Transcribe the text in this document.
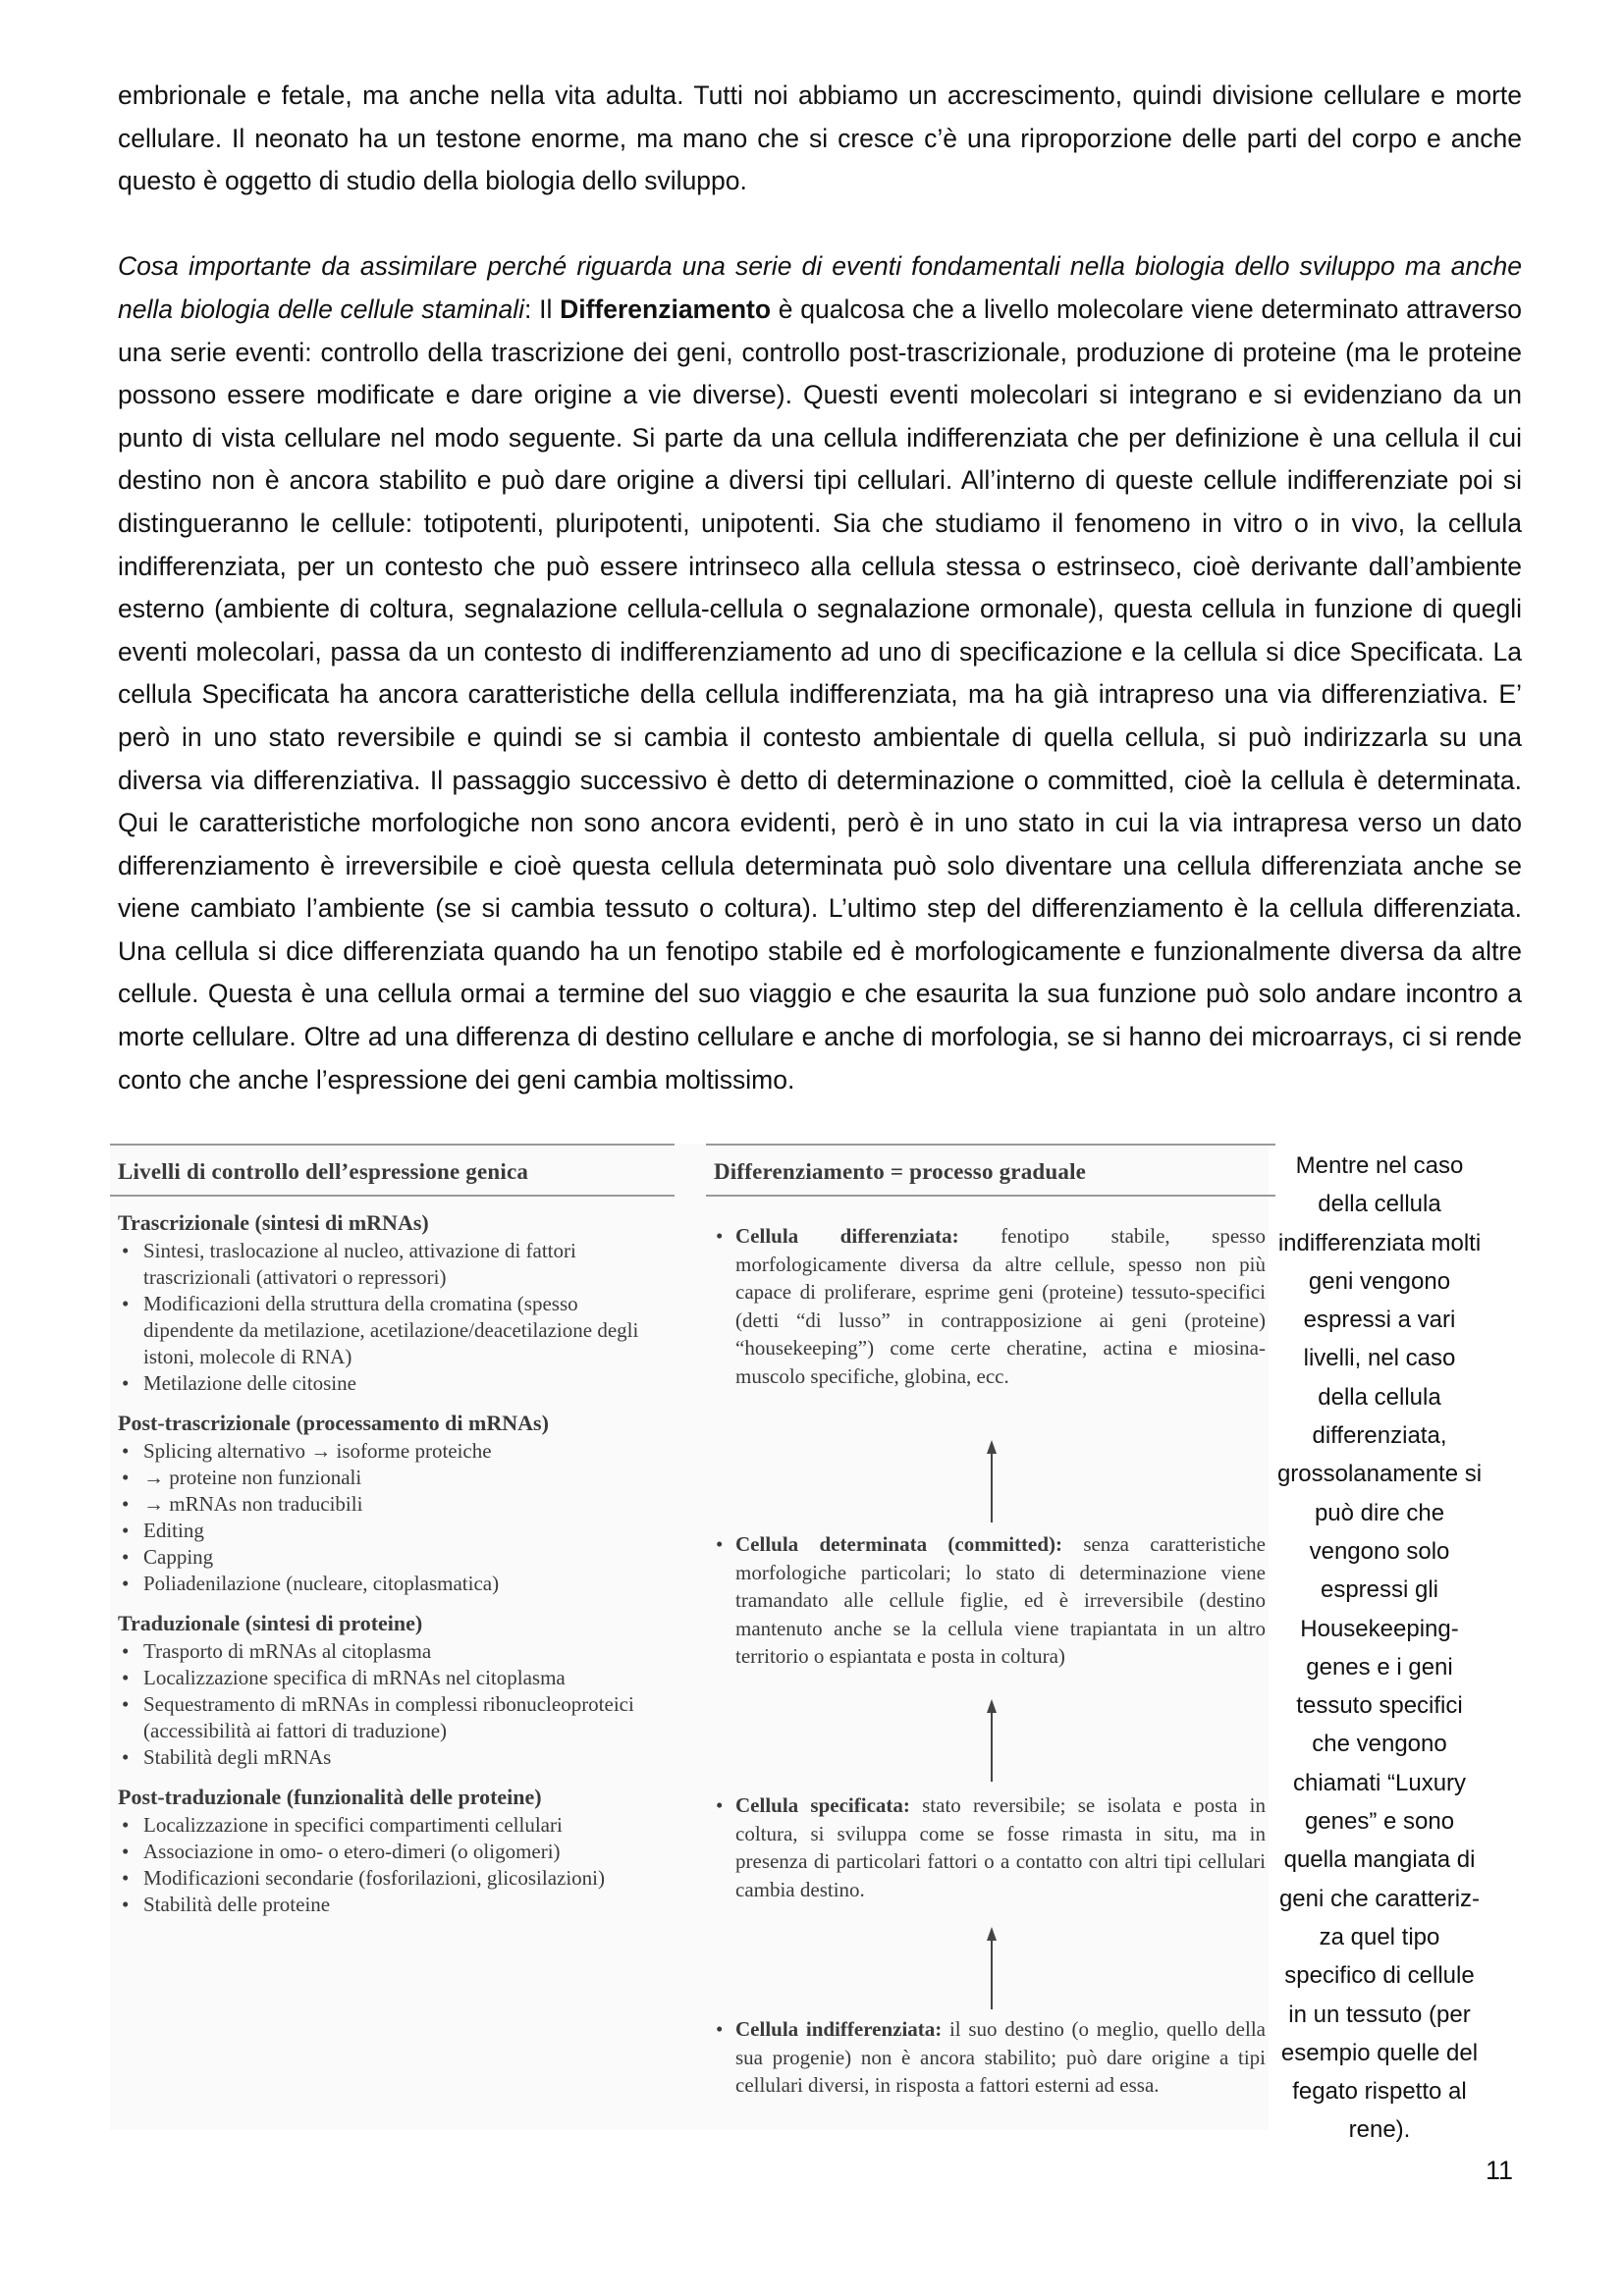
embrionale e fetale, ma anche nella vita adulta. Tutti noi abbiamo un accrescimento, quindi divisione cellulare e morte cellulare. Il neonato ha un testone enorme, ma mano che si cresce c’è una riproporzione delle parti del corpo e anche questo è oggetto di studio della biologia dello sviluppo.

Cosa importante da assimilare perché riguarda una serie di eventi fondamentali nella biologia dello sviluppo ma anche nella biologia delle cellule staminali: Il Differenziamento è qualcosa che a livello molecolare viene determinato attraverso una serie eventi: controllo della trascrizione dei geni, controllo post-trascrizionale, produzione di proteine (ma le proteine possono essere modificate e dare origine a vie diverse). Questi eventi molecolari si integrano e si evidenziano da un punto di vista cellulare nel modo seguente. Si parte da una cellula indifferenziata che per definizione è una cellula il cui destino non è ancora stabilito e può dare origine a diversi tipi cellulari. All’interno di queste cellule indifferenziate poi si distingueranno le cellule: totipotenti, pluripotenti, unipotenti. Sia che studiamo il fenomeno in vitro o in vivo, la cellula indifferenziata, per un contesto che può essere intrinseco alla cellula stessa o estrinseco, cioè derivante dall’ambiente esterno (ambiente di coltura, segnalazione cellula-cellula o segnalazione ormonale), questa cellula in funzione di quegli eventi molecolari, passa da un contesto di indifferenziamento ad uno di specificazione e la cellula si dice Specificata. La cellula Specificata ha ancora caratteristiche della cellula indifferenziata, ma ha già intrapreso una via differenziativa. E’ però in uno stato reversibile e quindi se si cambia il contesto ambientale di quella cellula, si può indirizzarla su una diversa via differenziativa. Il passaggio successivo è detto di determinazione o committed, cioè la cellula è determinata. Qui le caratteristiche morfologiche non sono ancora evidenti, però è in uno stato in cui la via intrapresa verso un dato differenziamento è irreversibile e cioè questa cellula determinata può solo diventare una cellula differenziata anche se viene cambiato l’ambiente (se si cambia tessuto o coltura). L’ultimo step del differenziamento è la cellula differenziata. Una cellula si dice differenziata quando ha un fenotipo stabile ed è morfologicamente e funzionalmente diversa da altre cellule. Questa è una cellula ormai a termine del suo viaggio e che esaurita la sua funzione può solo andare incontro a morte cellulare. Oltre ad una differenza di destino cellulare e anche di morfologia, se si hanno dei microarrays, ci si rende conto che anche l’espressione dei geni cambia moltissimo.

Livelli di controllo dell’espressione genica
Trascrizionale (sintesi di mRNAs)
• Sintesi, traslocazione al nucleo, attivazione di fattori trascrizionali (attivatori o repressori)
• Modificazioni della struttura della cromatina (spesso dipendente da metilazione, acetilazione/deacetilazione degli istoni, molecole di RNA)
• Metilazione delle citosine
Post-trascrizionale (processamento di mRNAs)
• Splicing alternativo → isoforme proteiche
• → proteine non funzionali
• → mRNAs non traducibili
• Editing
• Capping
• Poliadenilazione (nucleare, citoplasmatica)
Traduzionale (sintesi di proteine)
• Trasporto di mRNAs al citoplasma
• Localizzazione specifica di mRNAs nel citoplasma
• Sequestramento di mRNAs in complessi ribonucleoproteici (accessibilità ai fattori di traduzione)
• Stabilità degli mRNAs
Post-traduzionale (funzionalità delle proteine)
• Localizzazione in specifici compartimenti cellulari
• Associazione in omo- o etero-dimeri (o oligomeri)
• Modificazioni secondarie (fosforilazioni, glicosilazioni)
• Stabilità delle proteine
Differenziamento = processo graduale
• Cellula differenziata: fenotipo stabile, spesso morfologicamente diversa da altre cellule, spesso non più capace di proliferare, esprime geni (proteine) tessuto-specifici (detti “di lusso” in contrapposizione ai geni (proteine) “housekeeping”) come certe cheratine, actina e miosina-muscolo specifiche, globina, ecc.
• Cellula determinata (committed): senza caratteristiche morfologiche particolari; lo stato di determinazione viene tramandato alle cellule figlie, ed è irreversibile (destino mantenuto anche se la cellula viene trapiantata in un altro territorio o espiantata e posta in coltura)
• Cellula specificata: stato reversibile; se isolata e posta in coltura, si sviluppa come se fosse rimasta in situ, ma in presenza di particolari fattori o a contatto con altri tipi cellulari cambia destino.
• Cellula indifferenziata: il suo destino (o meglio, quello della sua progenie) non è ancora stabilito; può dare origine a tipi cellulari diversi, in risposta a fattori esterni ad essa.
Mentre nel caso della cellula indifferenziata molti geni vengono espressi a vari livelli, nel caso della cellula differenziata, grossolanamente si può dire che vengono solo espressi gli Housekeeping-genes e i geni tessuto specifici che vengono chiamati “Luxury genes” e sono quella mangiata di geni che caratteriz-za quel tipo specifico di cellule in un tessuto (per esempio quelle del fegato rispetto al rene).
11
